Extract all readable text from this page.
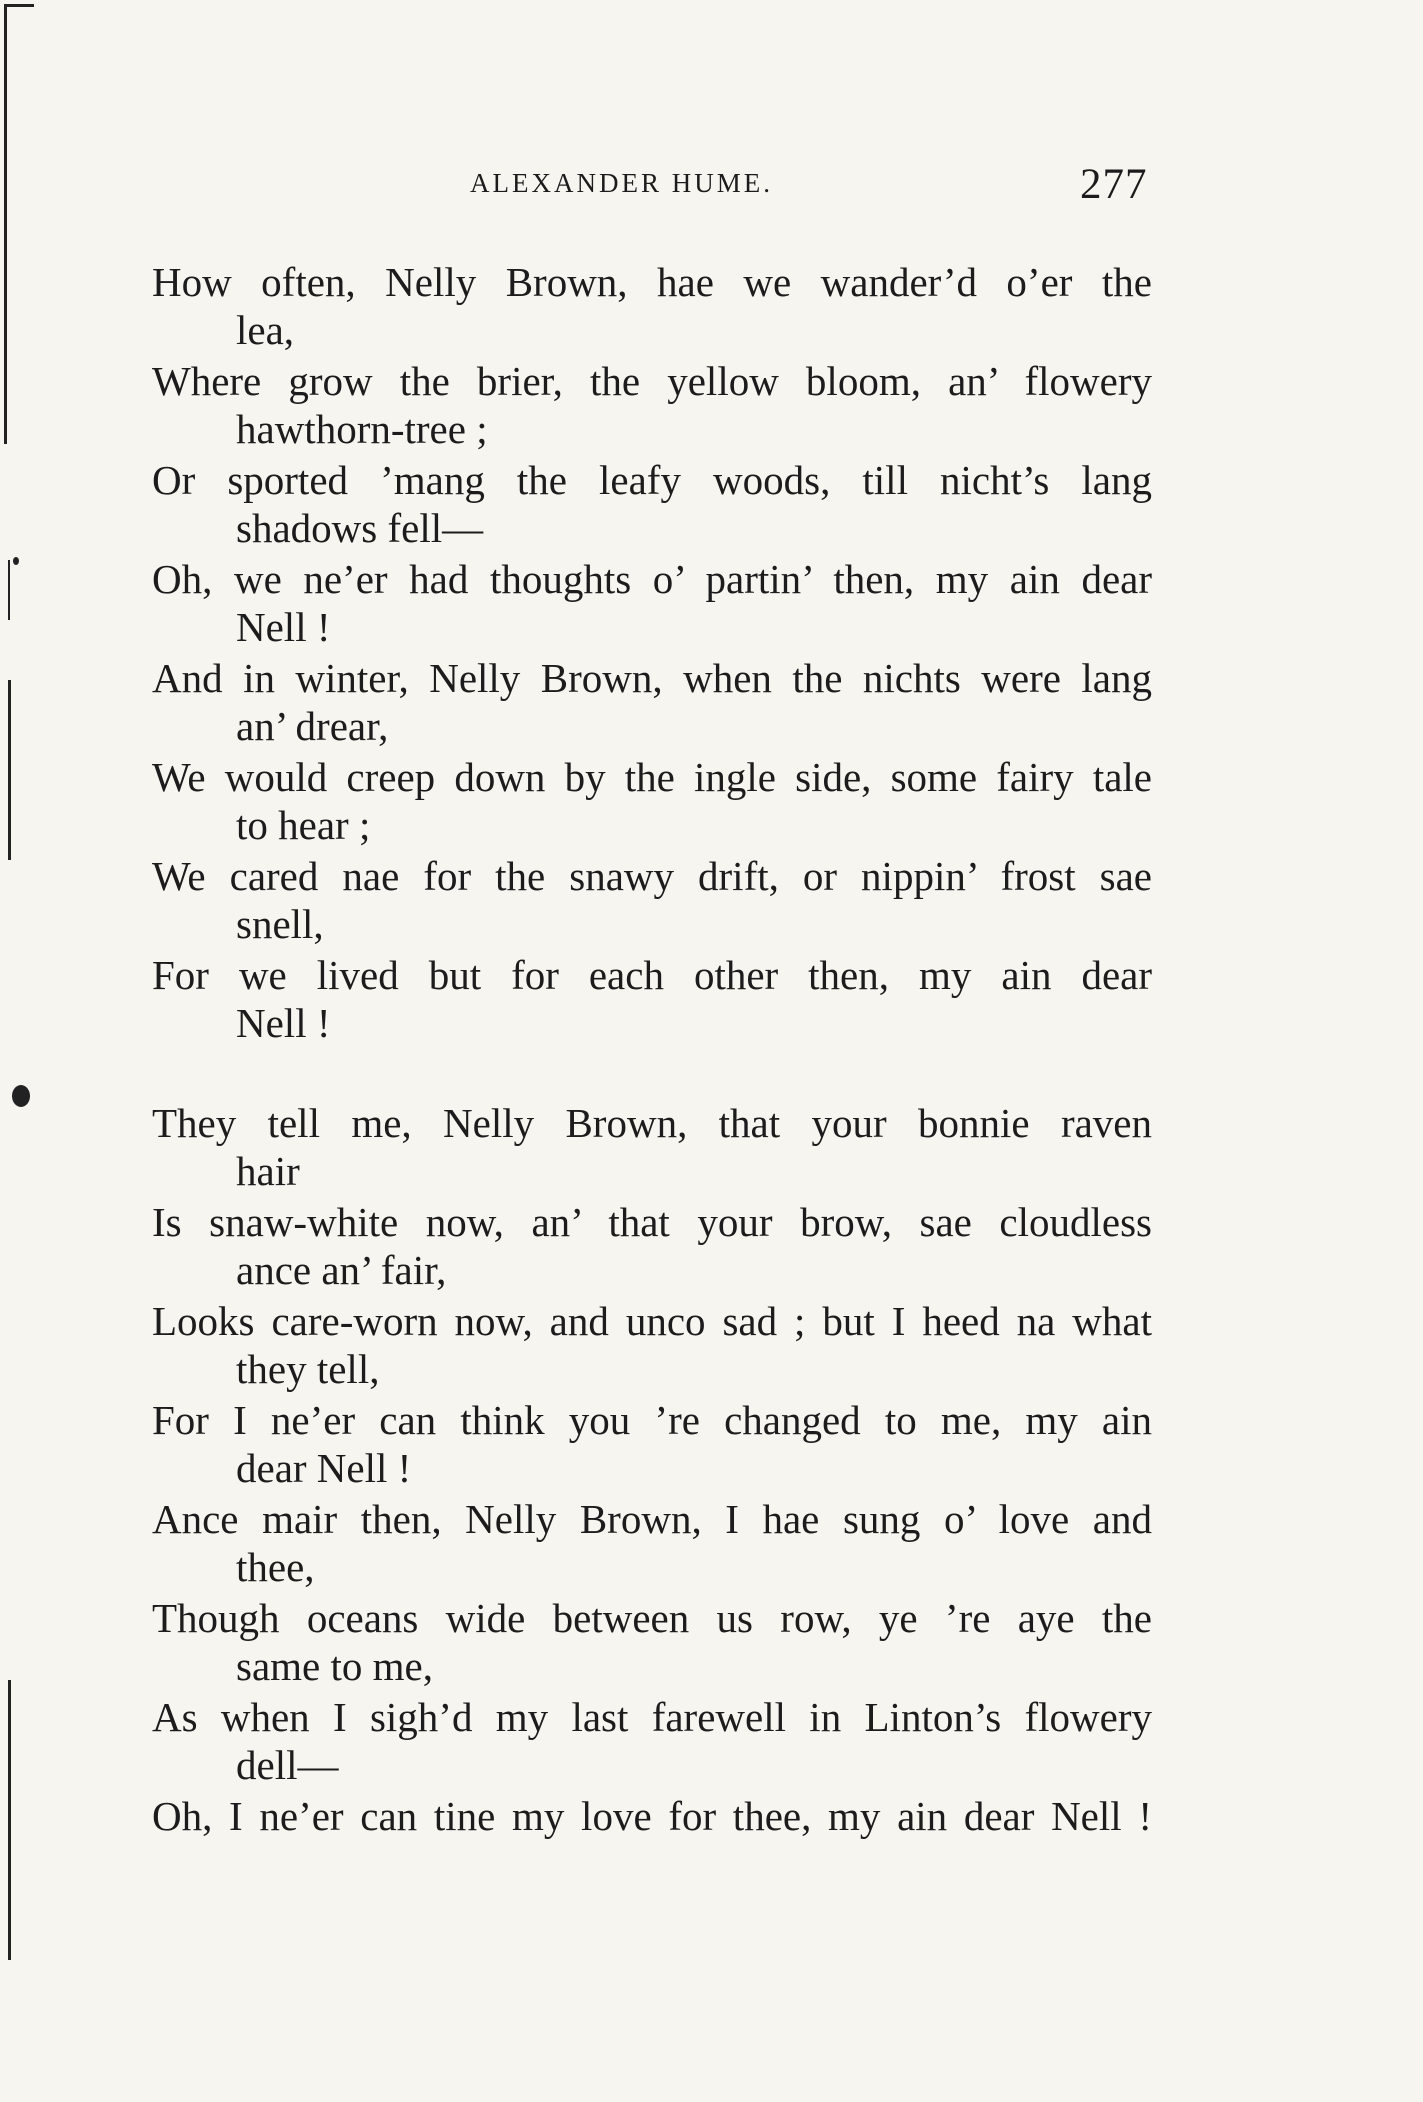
ALEXANDER HUME.	277
How often, Nelly Brown, hae we wander’d o’er the
lea,
Where grow the brier, the yellow bloom, an’ flowery
hawthorn-tree ;
Or sported ’mang the leafy woods, till nicht’s lang
shadows fell—
Oh, we ne’er had thoughts o’ partin’ then, my ain dear
Nell !
And in winter, Nelly Brown, when the nichts were lang
an’ drear,
We would creep down by the ingle side, some fairy tale
to hear ;
We cared nae for the snawy drift, or nippin’ frost sae
snell,
For we lived but for each other then, my ain dear
Nell !
They tell me, Nelly Brown, that your bonnie raven
hair
Is snaw-white now, an’ that your brow, sae cloudless
ance an’ fair,
Looks care-worn now, and unco sad ; but I heed na what
they tell,
For I ne’er can think you ’re changed to me, my ain
dear Nell !
Ance mair then, Nelly Brown, I hae sung o’ love and
thee,
Though oceans wide between us row, ye ’re aye the
same to me,
As when I sigh’d my last farewell in Linton’s flowery
dell—
Oh, I ne’er can tine my love for thee, my ain dear Nell !
